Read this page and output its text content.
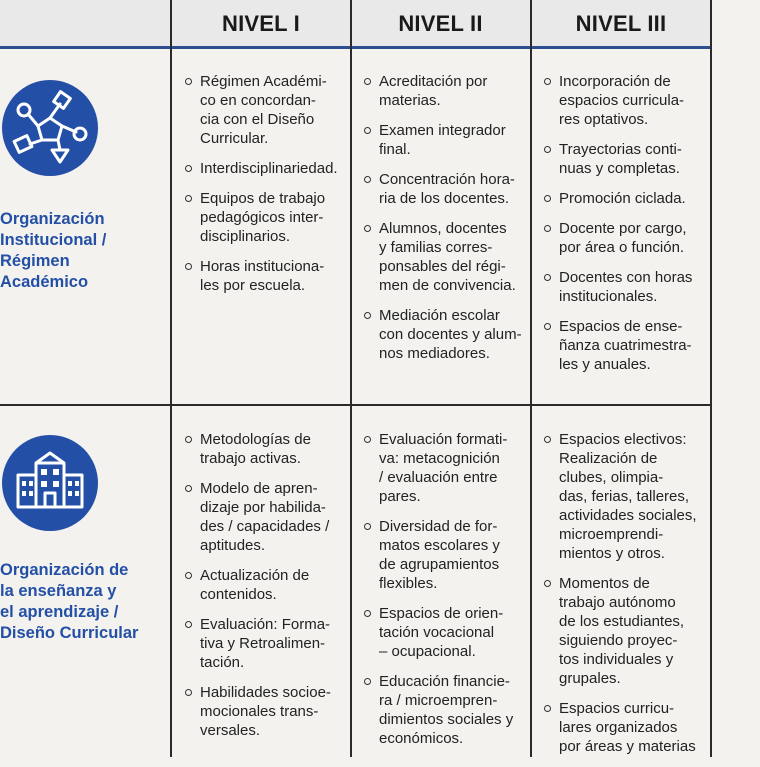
NIVEL I	NIVEL II	NIVEL III
Organización
Institucional /
Régimen
Académico
Organización de
la enseñanza y
el aprendizaje /
Diseño Curricular
Régimen Académi-
co en concordan-
cia con el Diseño
Curricular.
Interdisciplinariedad.
Equipos de trabajo
pedagógicos inter-
disciplinarios.
Horas instituciona-
les por escuela.
Acreditación por
materias.
Examen integrador
final.
Concentración hora-
ria de los docentes.
Alumnos, docentes
y familias corres-
ponsables del régi-
men de convivencia.
Mediación escolar
con docentes y alum-
nos mediadores.
Incorporación de
espacios curricula-
res optativos.
Trayectorias conti-
nuas y completas.
Promoción ciclada.
Docente por cargo,
por área o función.
Docentes con horas
institucionales.
Espacios de ense-
ñanza cuatrimestra-
les y anuales.
Metodologías de
trabajo activas.
Modelo de apren-
dizaje por habilida-
des / capacidades /
aptitudes.
Actualización de
contenidos.
Evaluación: Forma-
tiva y Retroalimen-
tación.
Habilidades socioe-
mocionales trans-
versales.
Evaluación formati-
va: metacognición
/ evaluación entre
pares.
Diversidad de for-
matos escolares y
de agrupamientos
flexibles.
Espacios de orien-
tación vocacional
– ocupacional.
Educación financie-
ra / microempren-
dimientos sociales y
económicos.
Espacios electivos:
Realización de
clubes, olimpia-
das, ferias, talleres,
actividades sociales,
microemprendi-
mientos y otros.
Momentos de
trabajo autónomo
de los estudiantes,
siguiendo proyec-
tos individuales y
grupales.
Espacios curricu-
lares organizados
por áreas y materias
